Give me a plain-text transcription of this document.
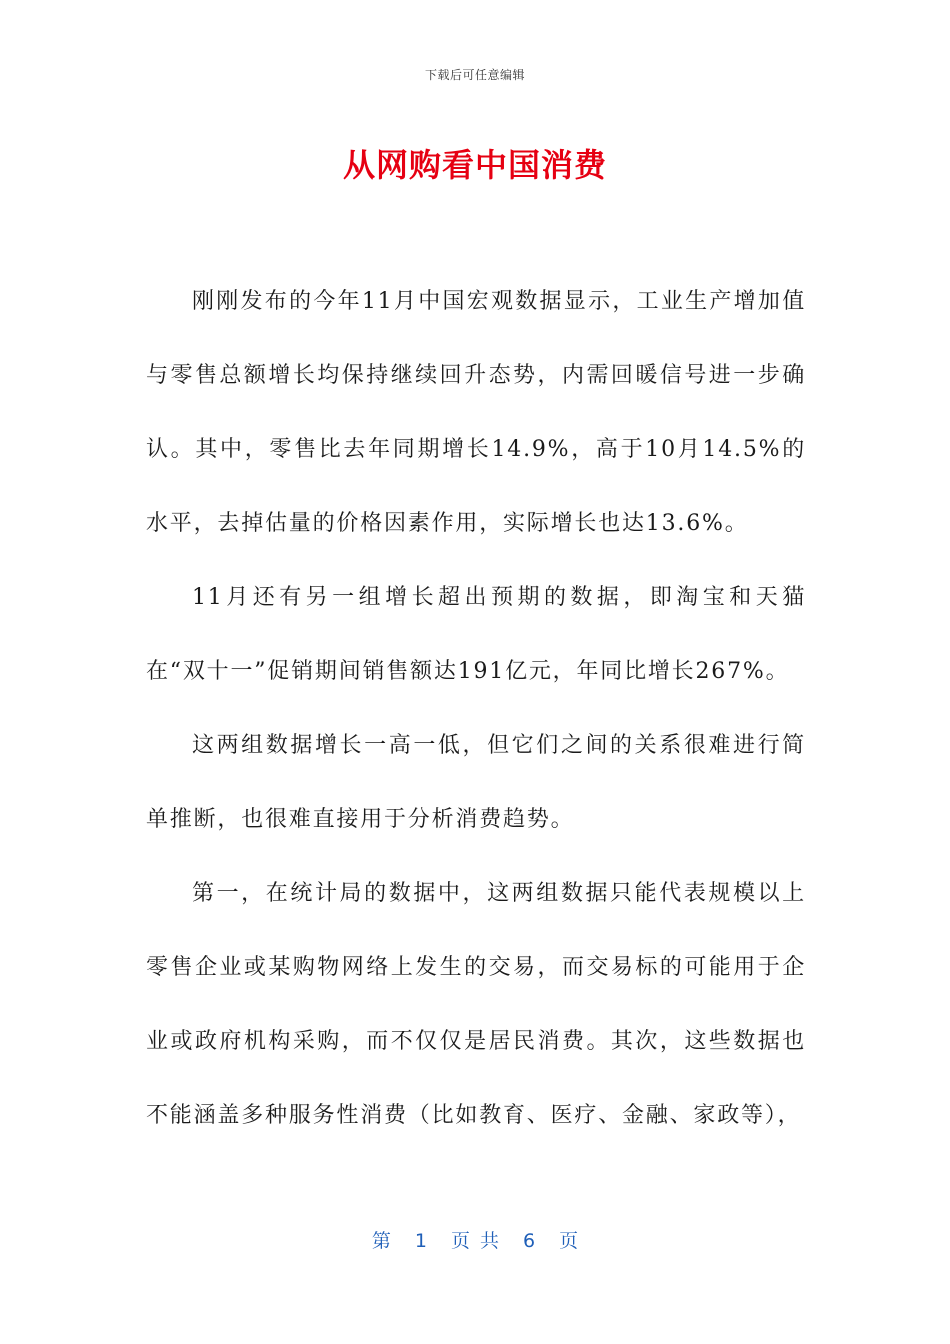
下载后可任意编辑
从网购看中国消费

刚刚发布的今年11月中国宏观数据显示，工业生产增加值与零售总额增长均保持继续回升态势，内需回暖信号进一步确认。其中，零售比去年同期增长14.9%，高于10月14.5%的水平，去掉估量的价格因素作用，实际增长也达13.6%。

11月还有另一组增长超出预期的数据，即淘宝和天猫在“双十一”促销期间销售额达191亿元，年同比增长267%。

这两组数据增长一高一低，但它们之间的关系很难进行简单推断，也很难直接用于分析消费趋势。

第一，在统计局的数据中，这两组数据只能代表规模以上零售企业或某购物网络上发生的交易，而交易标的可能用于企业或政府机构采购，而不仅仅是居民消费。其次，这些数据也不能涵盖多种服务性消费（比如教育、医疗、金融、家政等），

第 1 页 共 6 页
